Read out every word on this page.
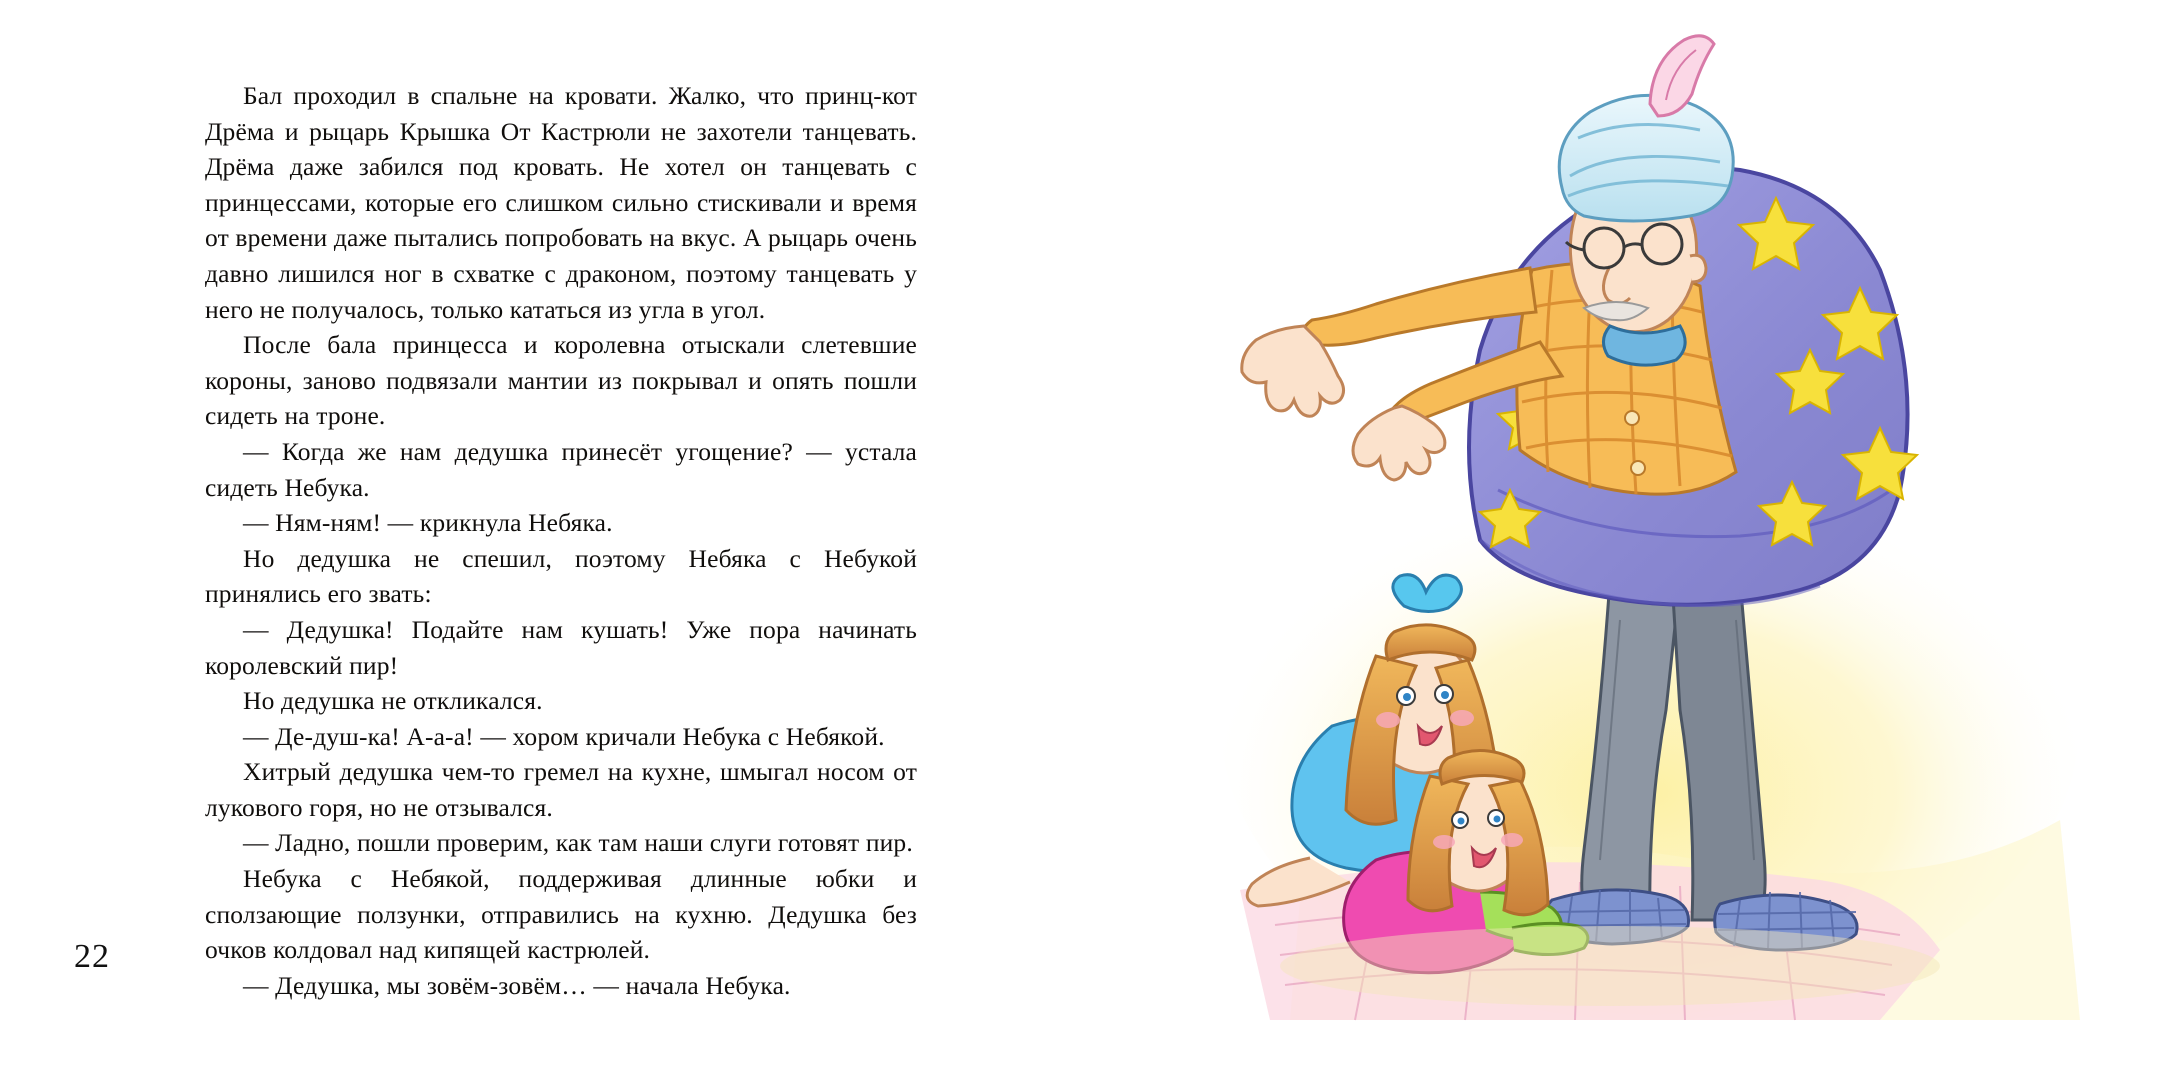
Бал проходил в спальне на кровати. Жалко, что принц-кот Дрёма и рыцарь Крышка От Кастрюли не захотели танцевать. Дрёма даже забился под кровать. Не хотел он танцевать с принцессами, которые его слишком сильно стискивали и время от времени даже пытались попробовать на вкус. А рыцарь очень давно лишился ног в схватке с драконом, поэтому танцевать у него не получалось, только кататься из угла в угол.

После бала принцесса и королевна отыскали слетевшие короны, заново подвязали мантии из покрывал и опять пошли сидеть на троне.

— Когда же нам дедушка принесёт угощение? — устала сидеть Небука.

— Ням-ням! — крикнула Небяка.

Но дедушка не спешил, поэтому Небяка с Небукой принялись его звать:

— Дедушка! Подайте нам кушать! Уже пора начинать королевский пир!

Но дедушка не откликался.

— Де-душ-ка! А-а-а! — хором кричали Небука с Небякой.

Хитрый дедушка чем-то гремел на кухне, шмыгал носом от лукового горя, но не отзывался.

— Ладно, пошли проверим, как там наши слуги готовят пир.

Небука с Небякой, поддерживая длинные юбки и сползающие ползунки, отправились на кухню. Дедушка без очков колдовал над кипящей кастрюлей.

— Дедушка, мы зовём-зовём… — начала Небука.

22
